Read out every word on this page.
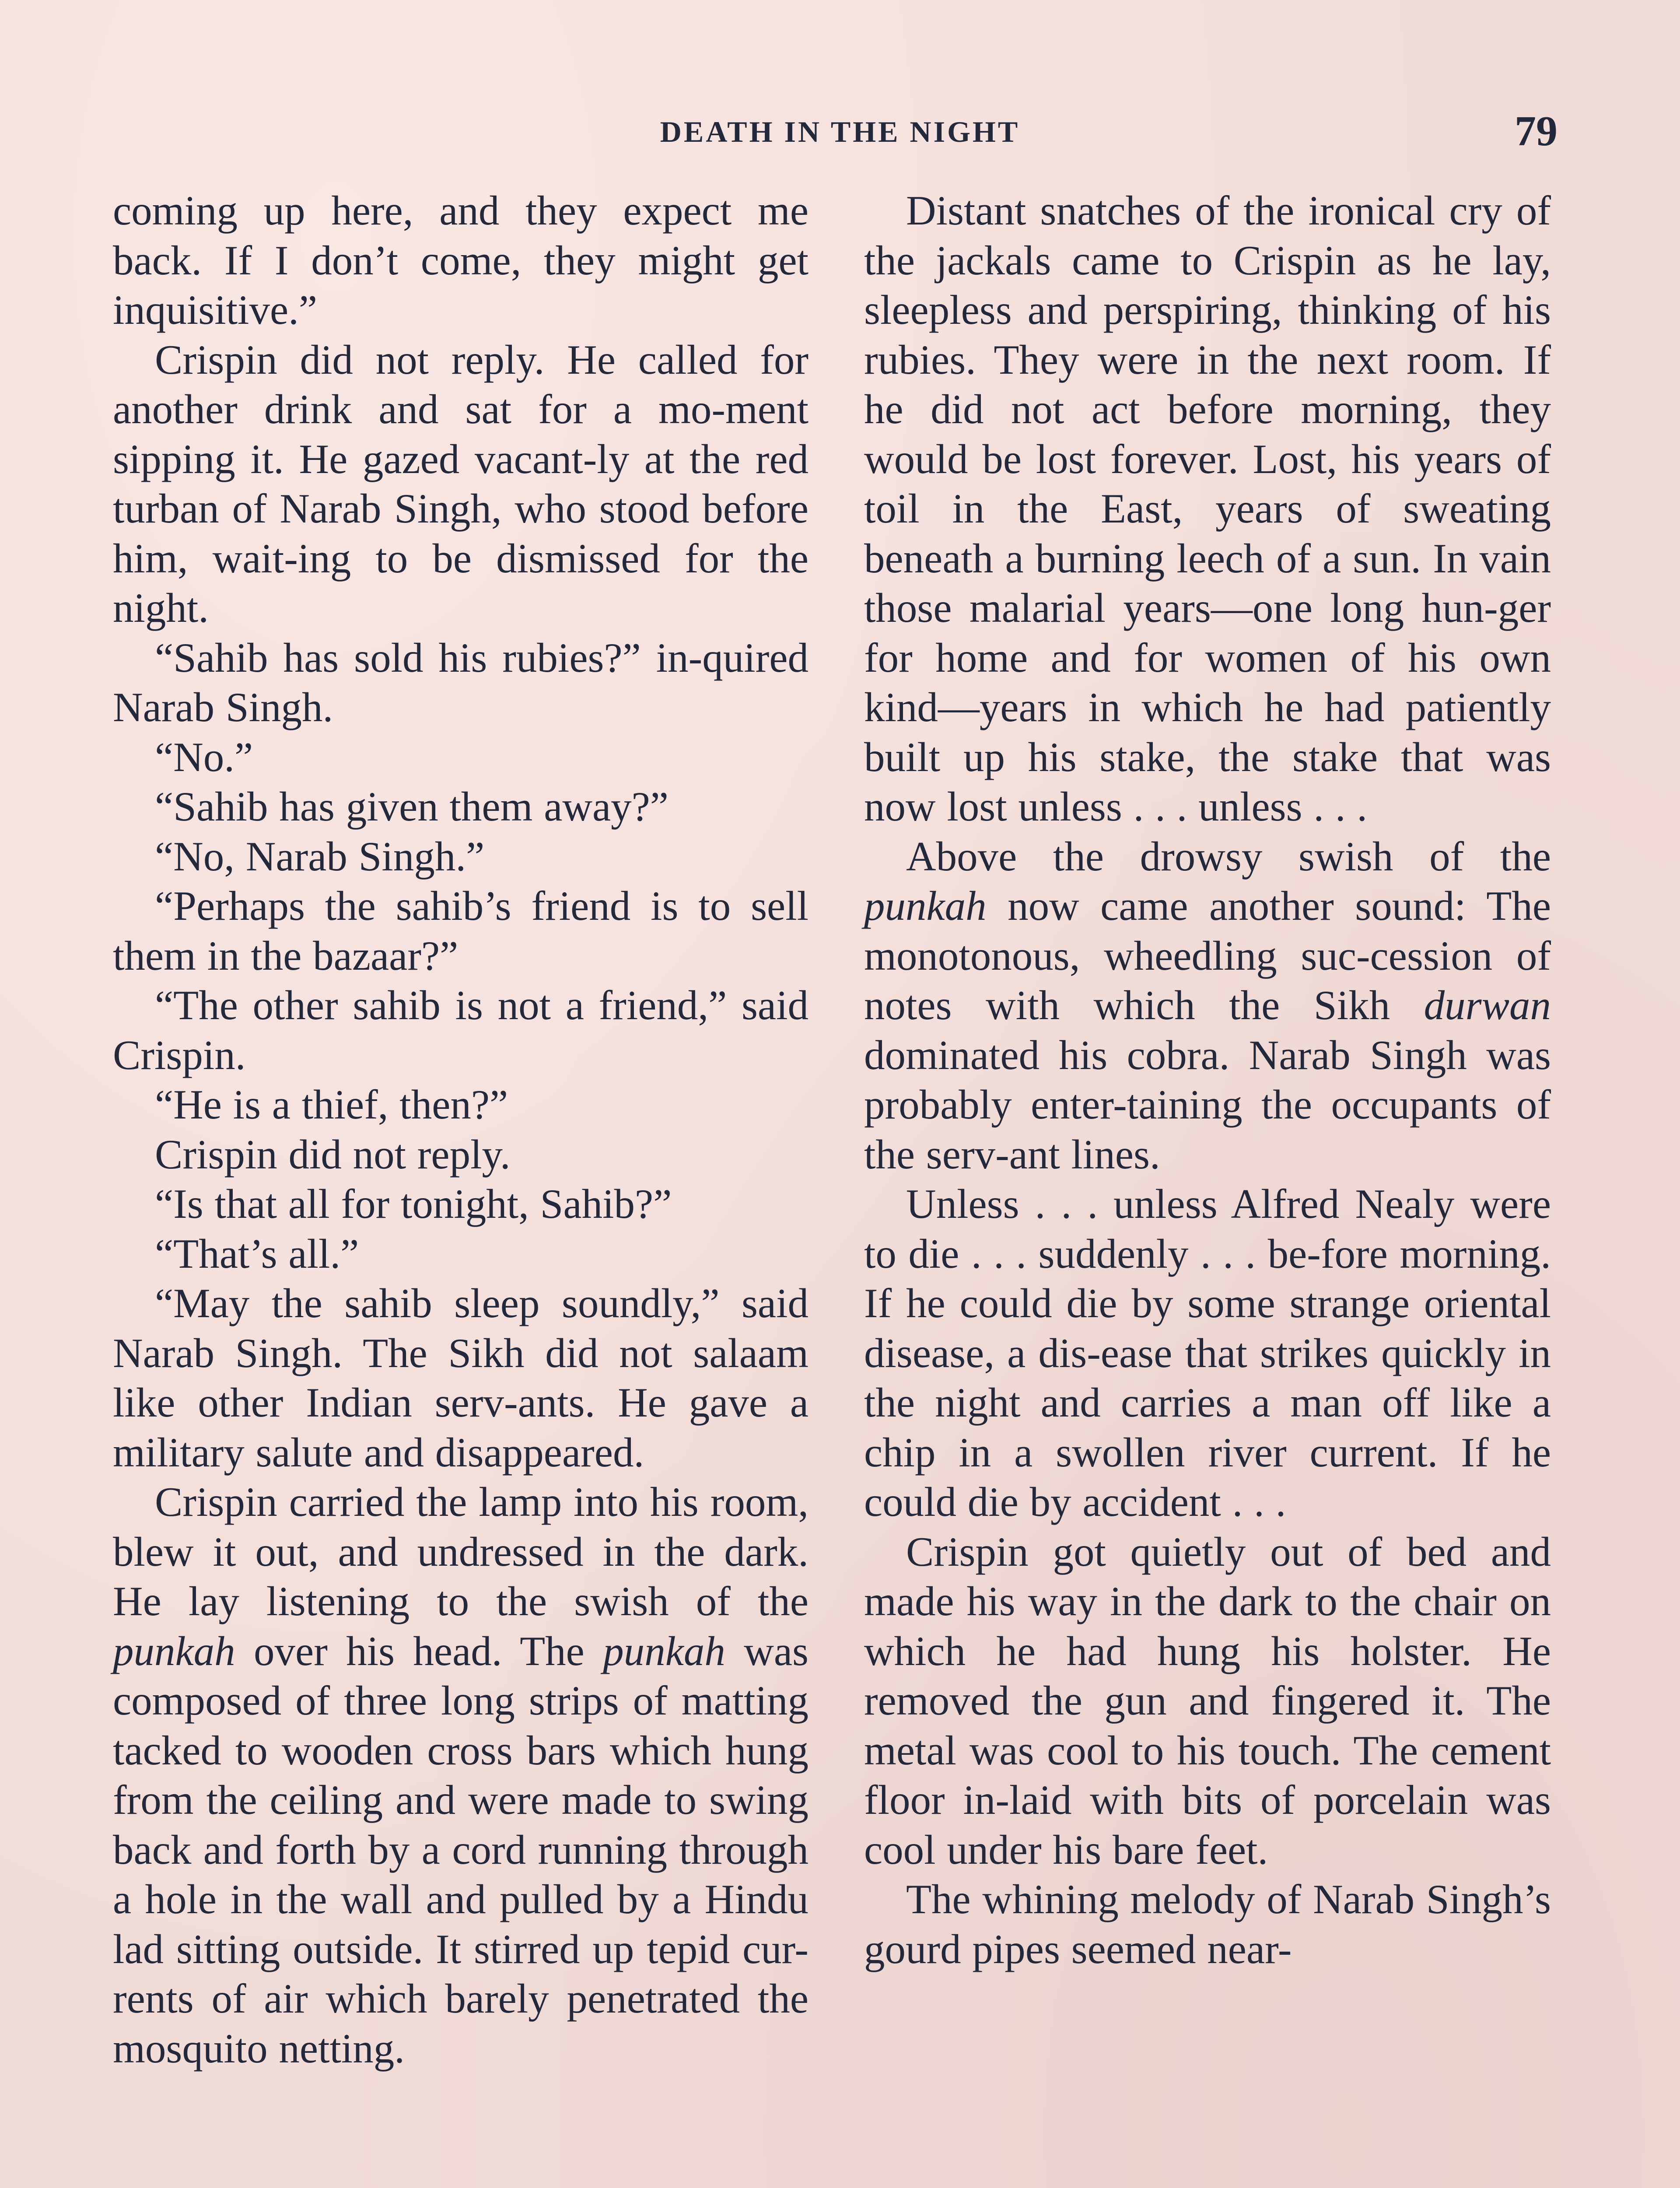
DEATH IN THE NIGHT	79

coming up here, and they expect me back. If I don’t come, they might get inquisitive.”

Crispin did not reply. He called for another drink and sat for a mo-ment sipping it. He gazed vacant-ly at the red turban of Narab Singh, who stood before him, wait-ing to be dismissed for the night.

“Sahib has sold his rubies?” in-quired Narab Singh.

“No.”

“Sahib has given them away?”

“No, Narab Singh.”

“Perhaps the sahib’s friend is to sell them in the bazaar?”

“The other sahib is not a friend,” said Crispin.

“He is a thief, then?”

Crispin did not reply.

“Is that all for tonight, Sahib?”

“That’s all.”

“May the sahib sleep soundly,” said Narab Singh. The Sikh did not salaam like other Indian serv-ants. He gave a military salute and disappeared.

Crispin carried the lamp into his room, blew it out, and undressed in the dark. He lay listening to the swish of the punkah over his head. The punkah was composed of three long strips of matting tacked to wooden cross bars which hung from the ceiling and were made to swing back and forth by a cord running through a hole in the wall and pulled by a Hindu lad sitting outside. It stirred up tepid cur-rents of air which barely penetrated the mosquito netting.

Distant snatches of the ironical cry of the jackals came to Crispin as he lay, sleepless and perspiring, thinking of his rubies. They were in the next room. If he did not act before morning, they would be lost forever. Lost, his years of toil in the East, years of sweating beneath a burning leech of a sun. In vain those malarial years—one long hun-ger for home and for women of his own kind—years in which he had patiently built up his stake, the stake that was now lost unless . . . unless . . .

Above the drowsy swish of the punkah now came another sound: The monotonous, wheedling suc-cession of notes with which the Sikh durwan dominated his cobra. Narab Singh was probably enter-taining the occupants of the serv-ant lines.

Unless . . . unless Alfred Nealy were to die . . . suddenly . . . be-fore morning. If he could die by some strange oriental disease, a dis-ease that strikes quickly in the night and carries a man off like a chip in a swollen river current. If he could die by accident . . .

Crispin got quietly out of bed and made his way in the dark to the chair on which he had hung his holster. He removed the gun and fingered it. The metal was cool to his touch. The cement floor in-laid with bits of porcelain was cool under his bare feet.

The whining melody of Narab Singh’s gourd pipes seemed near-
